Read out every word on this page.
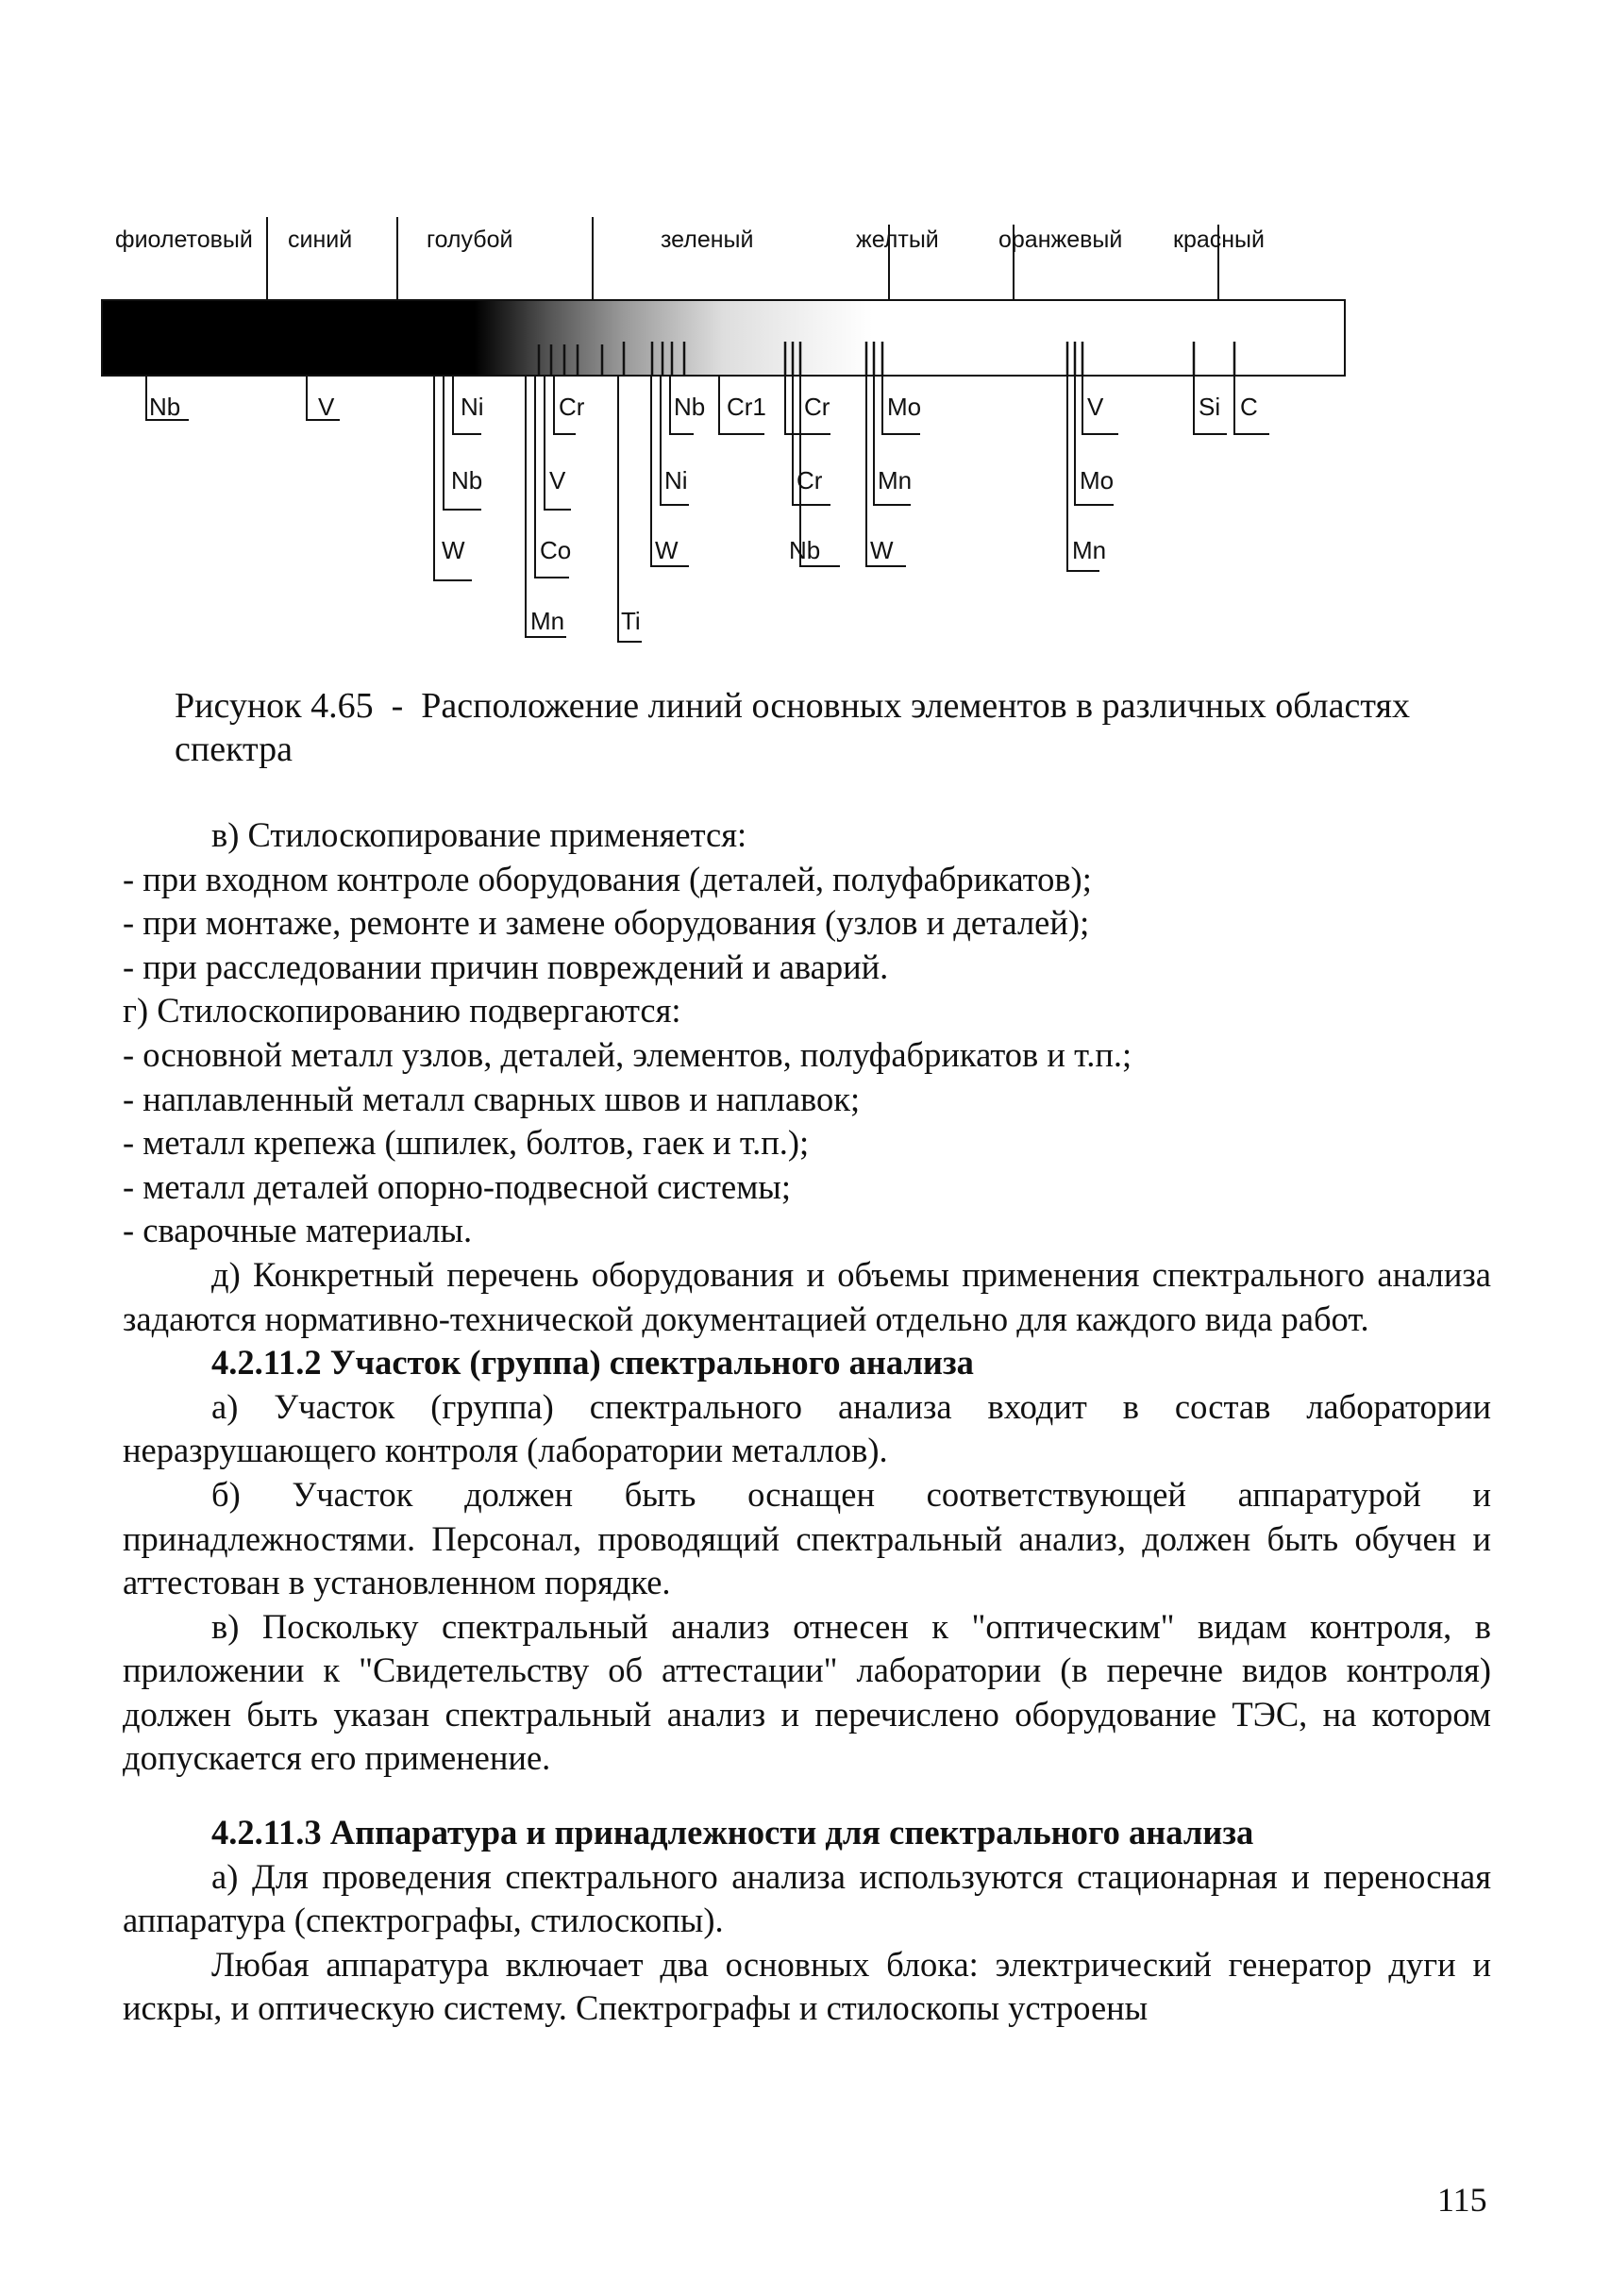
фиолетовый синий	голубой	зеленый	желтый	оранжевый красный
Nb	V	Ni
Nb
W
Cr
V
Co
Mn Ti
Nb
Ni
W
Cr1 Cr
Cr
Nb
Mo
Mn
W
V
Mo
Mn
Si C
Рисунок 4.65  -  Расположение линий основных элементов в различных областях спектра

в) Стилоскопирование применяется:

- при входном контроле оборудования (деталей, полуфабрикатов);

- при монтаже, ремонте и замене оборудования (узлов и деталей);

- при расследовании причин повреждений и аварий.

г) Стилоскопированию подвергаются:

- основной металл узлов, деталей, элементов, полуфабрикатов и т.п.;

- наплавленный металл сварных швов и наплавок;

- металл крепежа (шпилек, болтов, гаек и т.п.);

- металл деталей опорно-подвесной системы;

- сварочные материалы.

д) Конкретный перечень оборудования и объемы применения спектрального анализа задаются нормативно-технической документацией отдельно для каждого вида работ.

4.2.11.2 Участок (группа) спектрального анализа

а) Участок (группа) спектрального анализа входит в состав лаборатории неразрушающего контроля (лаборатории металлов).

б) Участок должен быть оснащен соответствующей аппаратурой и принадлежностями. Персонал, проводящий спектральный анализ, должен быть обучен и аттестован в установленном порядке.

в) Поскольку спектральный анализ отнесен к "оптическим" видам контроля, в приложении к "Свидетельству об аттестации" лаборатории (в перечне видов контроля) должен быть указан спектральный анализ и перечислено оборудование ТЭС, на котором допускается его применение.

4.2.11.3 Аппаратура и принадлежности для спектрального анализа

а) Для проведения спектрального анализа используются стационарная и переносная аппаратура (спектрографы, стилоскопы).

Любая аппаратура включает два основных блока: электрический генератор дуги и искры, и оптическую систему. Спектрографы и стилоскопы устроены

115
